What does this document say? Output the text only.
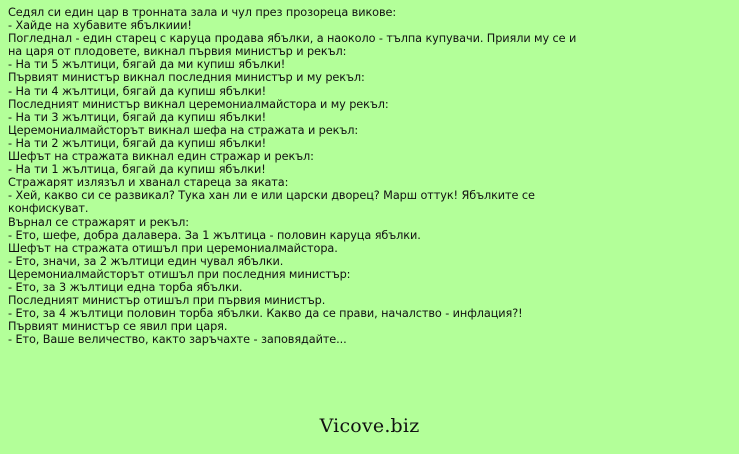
Седял си един цар в тронната зала и чул през прозореца викове:
- Хайде на хубавите ябълкиии!
Погледнал - един старец с каруца продава ябълки, а наоколо - тълпа купувачи. Прияли му се и
на царя от плодовете, викнал първия министър и рекъл:
- На ти 5 жълтици, бягай да ми купиш ябълки!
Първият министър викнал последния министър и му рекъл:
- На ти 4 жълтици, бягай да купиш ябълки!
Последният министър викнал церемониалмайстора и му рекъл:
- На ти 3 жълтици, бягай да купиш ябълки!
Церемониалмайсторът викнал шефа на стражата и рекъл:
- На ти 2 жълтици, бягай да купиш ябълки!
Шефът на стражата викнал един стражар и рекъл:
- На ти 1 жълтица, бягай да купиш ябълки!
Стражарят излязъл и хванал стареца за яката:
- Хей, какво си се развикал? Тука хан ли е или царски дворец? Марш оттук! Ябълките се
конфискуват.
Върнал се стражарят и рекъл:
- Ето, шефе, добра далавера. За 1 жълтица - половин каруца ябълки.
Шефът на стражата отишъл при церемониалмайстора.
- Ето, значи, за 2 жълтици един чувал ябълки.
Церемониалмайсторът отишъл при последния министър:
- Ето, за 3 жълтици една торба ябълки.
Последният министър отишъл при първия министър.
- Ето, за 4 жълтици половин торба ябълки. Какво да се прави, началство - инфлация?!
Първият министър се явил при царя.
- Ето, Ваше величество, както заръчахте - заповядайте...
Vicove.biz
